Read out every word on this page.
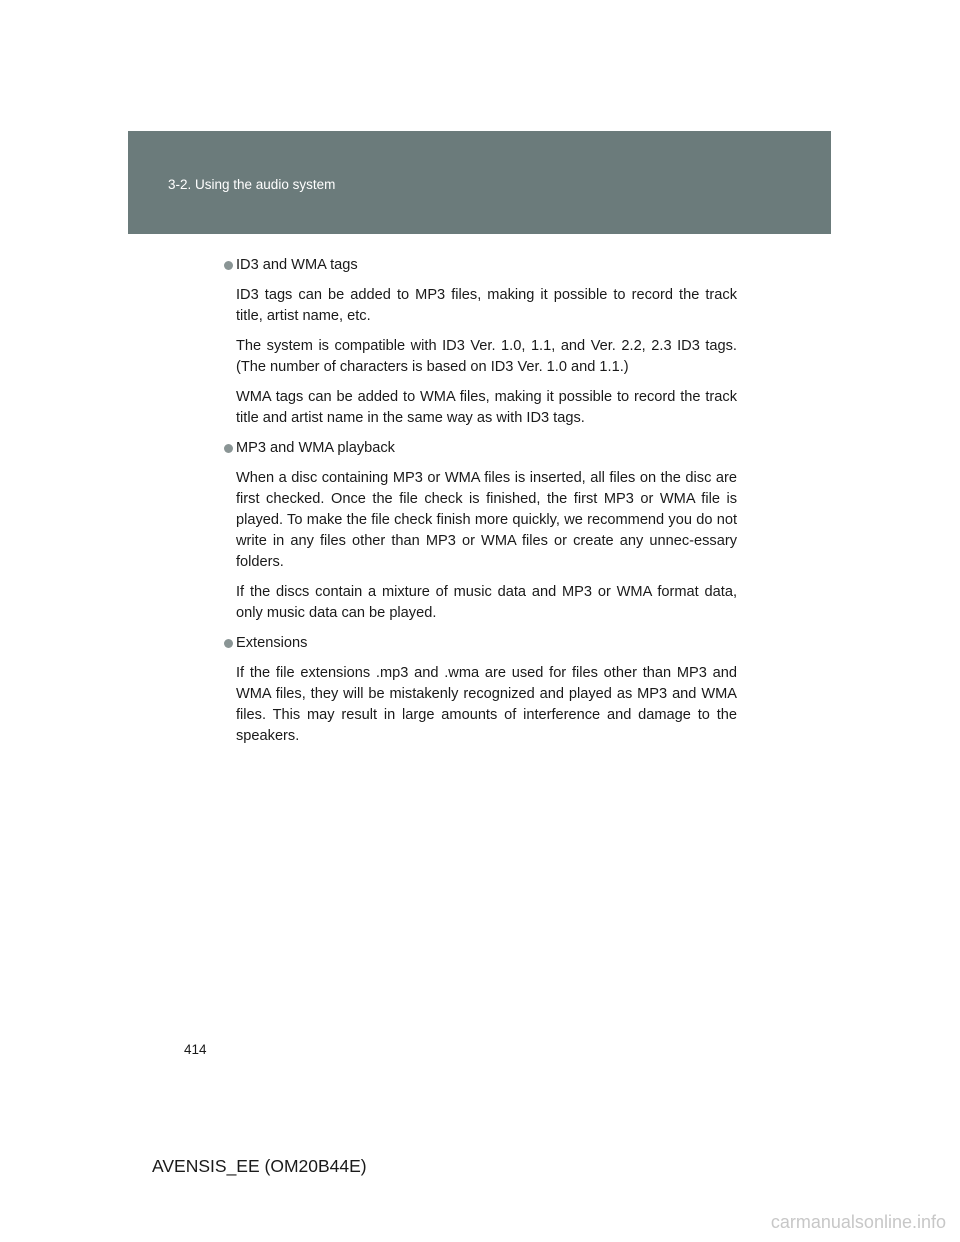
3-2. Using the audio system
ID3 and WMA tags

ID3 tags can be added to MP3 files, making it possible to record the track title, artist name, etc.

The system is compatible with ID3 Ver. 1.0, 1.1, and Ver. 2.2, 2.3 ID3 tags. (The number of characters is based on ID3 Ver. 1.0 and 1.1.)

WMA tags can be added to WMA files, making it possible to record the track title and artist name in the same way as with ID3 tags.

MP3 and WMA playback

When a disc containing MP3 or WMA files is inserted, all files on the disc are first checked. Once the file check is finished, the first MP3 or WMA file is played. To make the file check finish more quickly, we recommend you do not write in any files other than MP3 or WMA files or create any unnec-essary folders.

If the discs contain a mixture of music data and MP3 or WMA format data, only music data can be played.

Extensions

If the file extensions .mp3 and .wma are used for files other than MP3 and WMA files, they will be mistakenly recognized and played as MP3 and WMA files. This may result in large amounts of interference and damage to the speakers.

414
AVENSIS_EE (OM20B44E)
carmanualsonline.info
